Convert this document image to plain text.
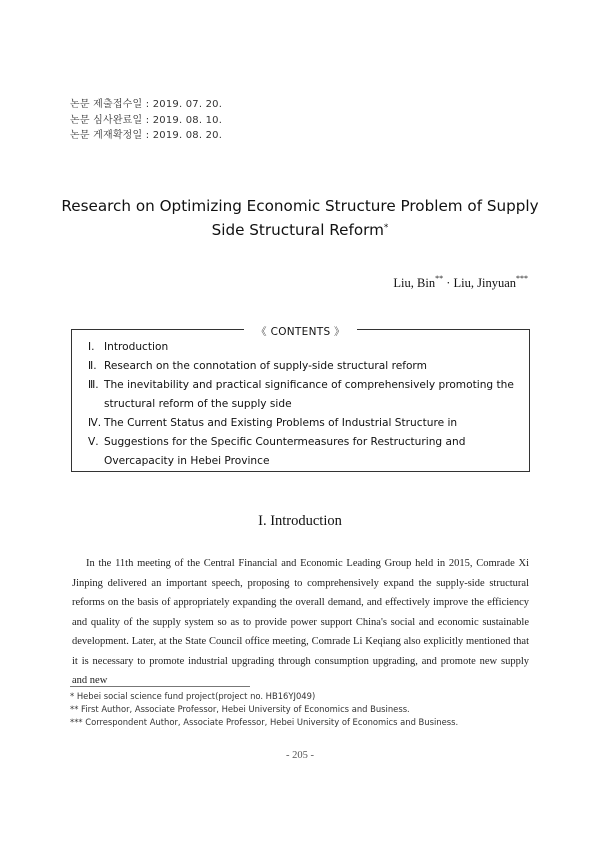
논문 제출접수일 : 2019. 07. 20.
논문 심사완료일 : 2019. 08. 10.
논문 게재확정일 : 2019. 08. 20.
Research on Optimizing Economic Structure Problem of Supply
Side Structural Reform*
Liu, Bin** · Liu, Jinyuan***
《 CONTENTS 》
Ⅰ. Introduction
Ⅱ. Research on the connotation of supply-side structural reform
Ⅲ. The inevitability and practical significance of comprehensively promoting the structural reform of the supply side
Ⅳ. The Current Status and Existing Problems of Industrial Structure in
Ⅴ. Suggestions for the Specific Countermeasures for Restructuring and Overcapacity in Hebei Province
I. Introduction
In the 11th meeting of the Central Financial and Economic Leading Group held in 2015, Comrade Xi Jinping delivered an important speech, proposing to comprehensively expand the supply-side structural reforms on the basis of appropriately expanding the overall demand, and effectively improve the efficiency and quality of the supply system so as to provide power support China's social and economic sustainable development. Later, at the State Council office meeting, Comrade Li Keqiang also explicitly mentioned that it is necessary to promote industrial upgrading through consumption upgrading, and promote new supply and new
* Hebei social science fund project(project no. HB16YJ049)
** First Author, Associate Professor, Hebei University of Economics and Business.
*** Correspondent Author, Associate Professor, Hebei University of Economics and Business.
- 205 -
